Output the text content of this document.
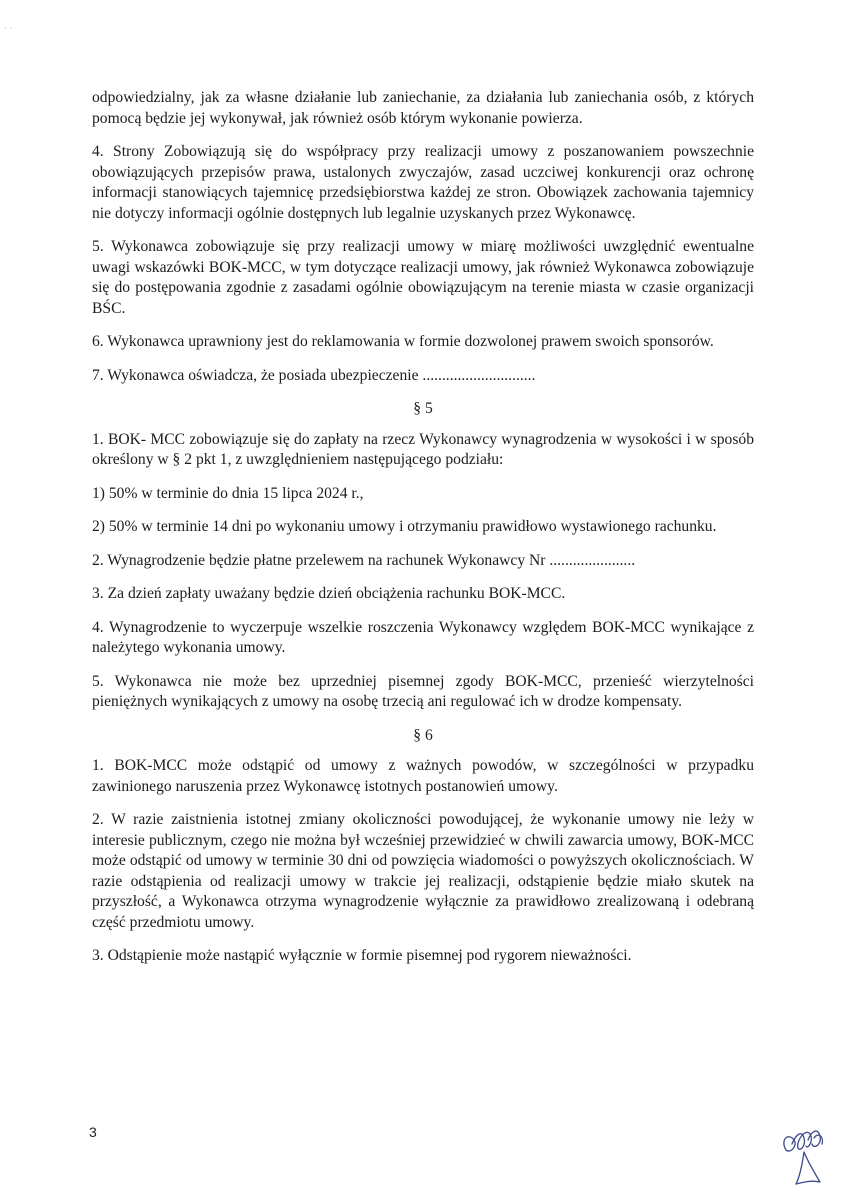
· ·

odpowiedzialny, jak za własne działanie lub zaniechanie, za działania lub zaniechania osób, z których pomocą będzie jej wykonywał, jak również osób którym wykonanie powierza.

4. Strony Zobowiązują się do współpracy przy realizacji umowy z poszanowaniem powszechnie obowiązujących przepisów prawa, ustalonych zwyczajów, zasad uczciwej konkurencji oraz ochronę informacji stanowiących tajemnicę przedsiębiorstwa każdej ze stron. Obowiązek zachowania tajemnicy nie dotyczy informacji ogólnie dostępnych lub legalnie uzyskanych przez Wykonawcę.

5. Wykonawca zobowiązuje się przy realizacji umowy w miarę możliwości uwzględnić ewentualne uwagi wskazówki BOK-MCC, w tym dotyczące realizacji umowy, jak również Wykonawca zobowiązuje się do postępowania zgodnie z zasadami ogólnie obowiązującym na terenie miasta w czasie organizacji BŚC.

6. Wykonawca uprawniony jest do reklamowania w formie dozwolonej prawem swoich sponsorów.

7. Wykonawca oświadcza, że posiada ubezpieczenie .............................

§ 5

1. BOK- MCC zobowiązuje się do zapłaty na rzecz Wykonawcy wynagrodzenia w wysokości i w sposób określony w § 2 pkt 1, z uwzględnieniem następującego podziału:

1) 50% w terminie do dnia 15 lipca 2024 r.,

2) 50% w terminie 14 dni po wykonaniu umowy i otrzymaniu prawidłowo wystawionego rachunku.

2. Wynagrodzenie będzie płatne przelewem na rachunek Wykonawcy Nr ......................

3. Za dzień zapłaty uważany będzie dzień obciążenia rachunku BOK-MCC.

4. Wynagrodzenie to wyczerpuje wszelkie roszczenia Wykonawcy względem BOK-MCC wynikające z należytego wykonania umowy.

5. Wykonawca nie może bez uprzedniej pisemnej zgody BOK-MCC, przenieść wierzytelności pieniężnych wynikających z umowy na osobę trzecią ani regulować ich w drodze kompensaty.

§ 6

1. BOK-MCC może odstąpić od umowy z ważnych powodów, w szczególności w przypadku zawinionego naruszenia przez Wykonawcę istotnych postanowień umowy.

2. W razie zaistnienia istotnej zmiany okoliczności powodującej, że wykonanie umowy nie leży w interesie publicznym, czego nie można był wcześniej przewidzieć w chwili zawarcia umowy, BOK-MCC może odstąpić od umowy w terminie 30 dni od powzięcia wiadomości o powyższych okolicznościach. W razie odstąpienia od realizacji umowy w trakcie jej realizacji, odstąpienie będzie miało skutek na przyszłość, a Wykonawca otrzyma wynagrodzenie wyłącznie za prawidłowo zrealizowaną i odebraną część przedmiotu umowy.

3. Odstąpienie może nastąpić wyłącznie w formie pisemnej pod rygorem nieważności.

3
